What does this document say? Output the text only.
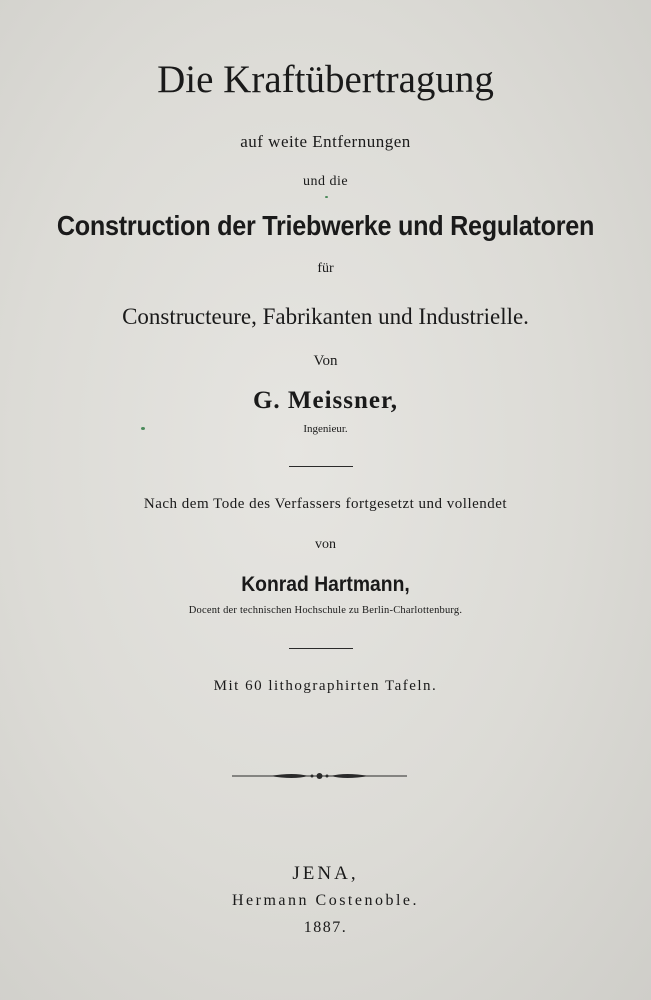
Die Kraftübertragung
auf weite Entfernungen
und die
Construction der Triebwerke und Regulatoren
für
Constructeure, Fabrikanten und Industrielle.
Von
G. Meissner,
Ingenieur.
Nach dem Tode des Verfassers fortgesetzt und vollendet
von
Konrad Hartmann,
Docent der technischen Hochschule zu Berlin-Charlottenburg.
Mit 60 lithographirten Tafeln.
JENA,
Hermann Costenoble.
1887.
